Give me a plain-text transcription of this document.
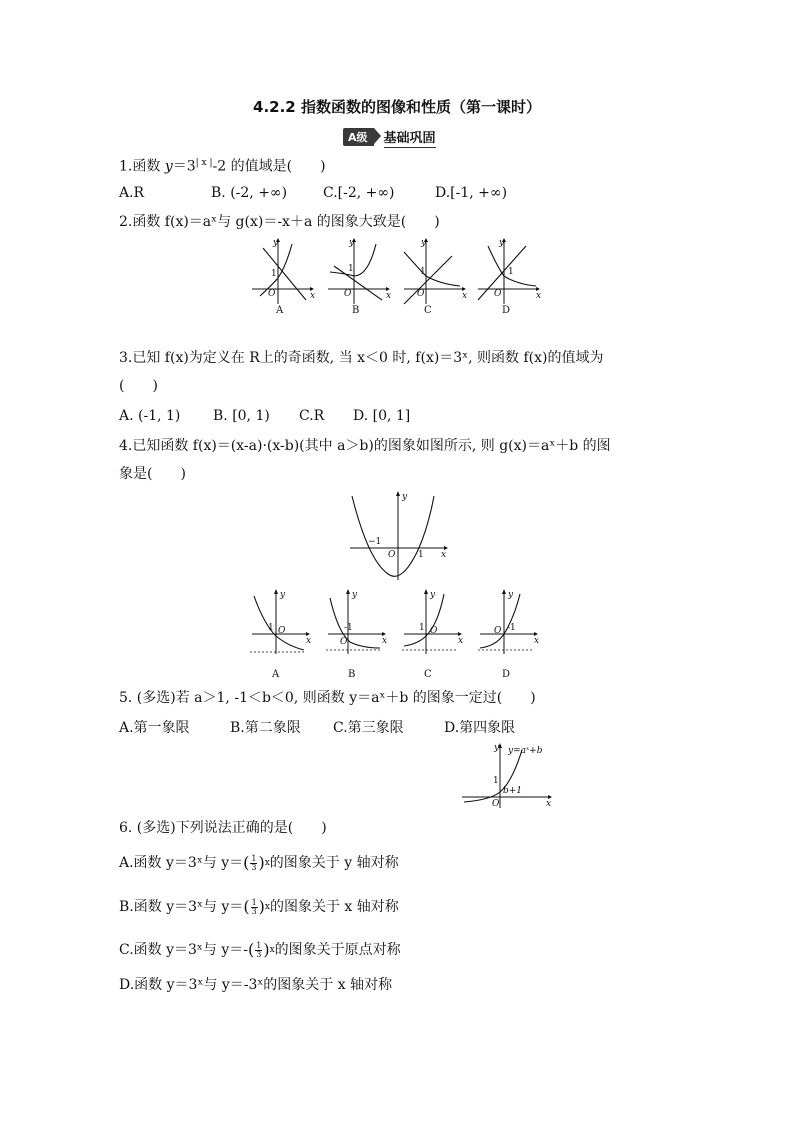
4.2.2 指数函数的图像和性质（第一课时）
A级	基础巩固
1.函数 $y=3^{| x |}-2$ 的值域是(　　)
A.R	B. (-2, +∞)	C.[-2, +∞)	D.[-1, +∞)
2.函数 f(x)＝aˣ与 g(x)＝-x＋a 的图象大致是(　　)
O
1
y
x
A
O
1
y
x
B
O
1
y
x
C
O
1
y
x
D
3.已知 f(x)为定义在 R上的奇函数, 当 x＜0 时, f(x)＝3ˣ, 则函数 f(x)的值域为
(　　)
A. (-1, 1) B. [0, 1) C.R D. [0, 1]
4.已知函数 f(x)＝(x-a)·(x-b)(其中 a＞b)的图象如图所示, 则 g(x)＝aˣ＋b 的图
象是(　　)
−1
O	1
y
x
y
x
1 O
A
y
x
-1
O
B
y
x
1 O
C
y
x
-1
O
D
5. (多选)若 a＞1, -1＜b＜0, 则函数 y＝aˣ＋b 的图象一定过(　　)
A.第一象限	B.第二象限 C.第三象限	D.第四象限
y=aˣ+b
y
1
b+1
O	x
6. (多选)下列说法正确的是(　　)
A.函数 y＝3ˣ与 y＝( 1
3 ) x 的图象关于 y 轴对称
B.函数 y＝3ˣ与 y＝( 1
3 ) x 的图象关于 x 轴对称
C.函数 y＝3ˣ与 y＝-( 1
3 ) x 的图象关于原点对称
D.函数 y＝3ˣ与 y＝-3ˣ的图象关于 x 轴对称
